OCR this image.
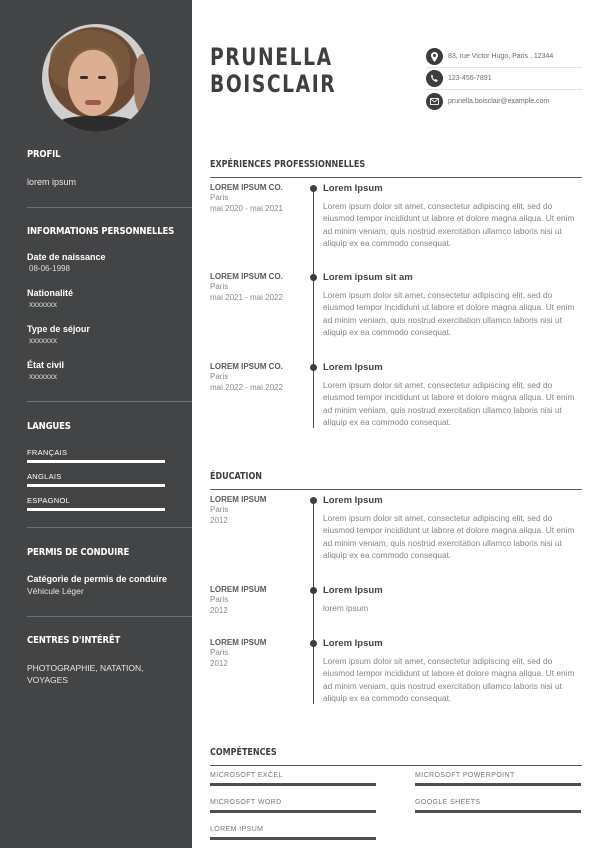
PROFIL
lorem ipsum
INFORMATIONS PERSONNELLES
Date de naissance
08-06-1998
Nationalité
xxxxxxx
Type de séjour
xxxxxxx
État civil
xxxxxxx
LANGUES
FRANÇAIS
ANGLAIS
ESPAGNOL
PERMIS DE CONDUIRE
Catégorie de permis de conduire
Véhicule Léger
CENTRES D'INTÉRÊT
PHOTOGRAPHIE, NATATION,
VOYAGES
PRUNELLA
BOISCLAIR
83, rue Victor Hugo, Paris , 12344
123-456-7891
prunella.boisclair@example.com
EXPÉRIENCES PROFESSIONNELLES
LOREM IPSUM CO.
Paris
mai 2020 - mai 2021
Lorem Ipsum
Lorem ipsum dolor sit amet, consectetur adipiscing elit, sed do eiusmod tempor incididunt ut labore et dolore magna aliqua. Ut enim ad minim veniam, quis nostrud exercitation ullamco laboris nisi ut aliquip ex ea commodo consequat.
LOREM IPSUM CO.
Paris
mai 2021 - mai 2022
Lorem ipsum sit am
Lorem ipsum dolor sit amet, consectetur adipiscing elit, sed do eiusmod tempor incididunt ut labore et dolore magna aliqua. Ut enim ad minim veniam, quis nostrud exercitation ullamco laboris nisi ut aliquip ex ea commodo consequat.
LOREM IPSUM CO.
Paris
mai 2022 - mai 2022
Lorem Ipsum
Lorem ipsum dolor sit amet, consectetur adipiscing elit, sed do eiusmod tempor incididunt ut labore et dolore magna aliqua. Ut enim ad minim veniam, quis nostrud exercitation ullamco laboris nisi ut aliquip ex ea commodo consequat.
ÉDUCATION
LOREM IPSUM
Paris
2012
Lorem Ipsum
Lorem ipsum dolor sit amet, consectetur adipiscing elit, sed do eiusmod tempor incididunt ut labore et dolore magna aliqua. Ut enim ad minim veniam, quis nostrud exercitation ullamco laboris nisi ut aliquip ex ea commodo consequat.
LOREM IPSUM
Paris
2012
Lorem Ipsum
lorem ipsum
LOREM IPSUM
Paris
2012
Lorem Ipsum
Lorem ipsum dolor sit amet, consectetur adipiscing elit, sed do eiusmod tempor incididunt ut labore et dolore magna aliqua. Ut enim ad minim veniam, quis nostrud exercitation ullamco laboris nisi ut aliquip ex ea commodo consequat.
COMPÉTENCES
MICROSOFT EXCEL	MICROSOFT POWERPOINT
MICROSOFT WORD	GOOGLE SHEETS
LOREM IPSUM
